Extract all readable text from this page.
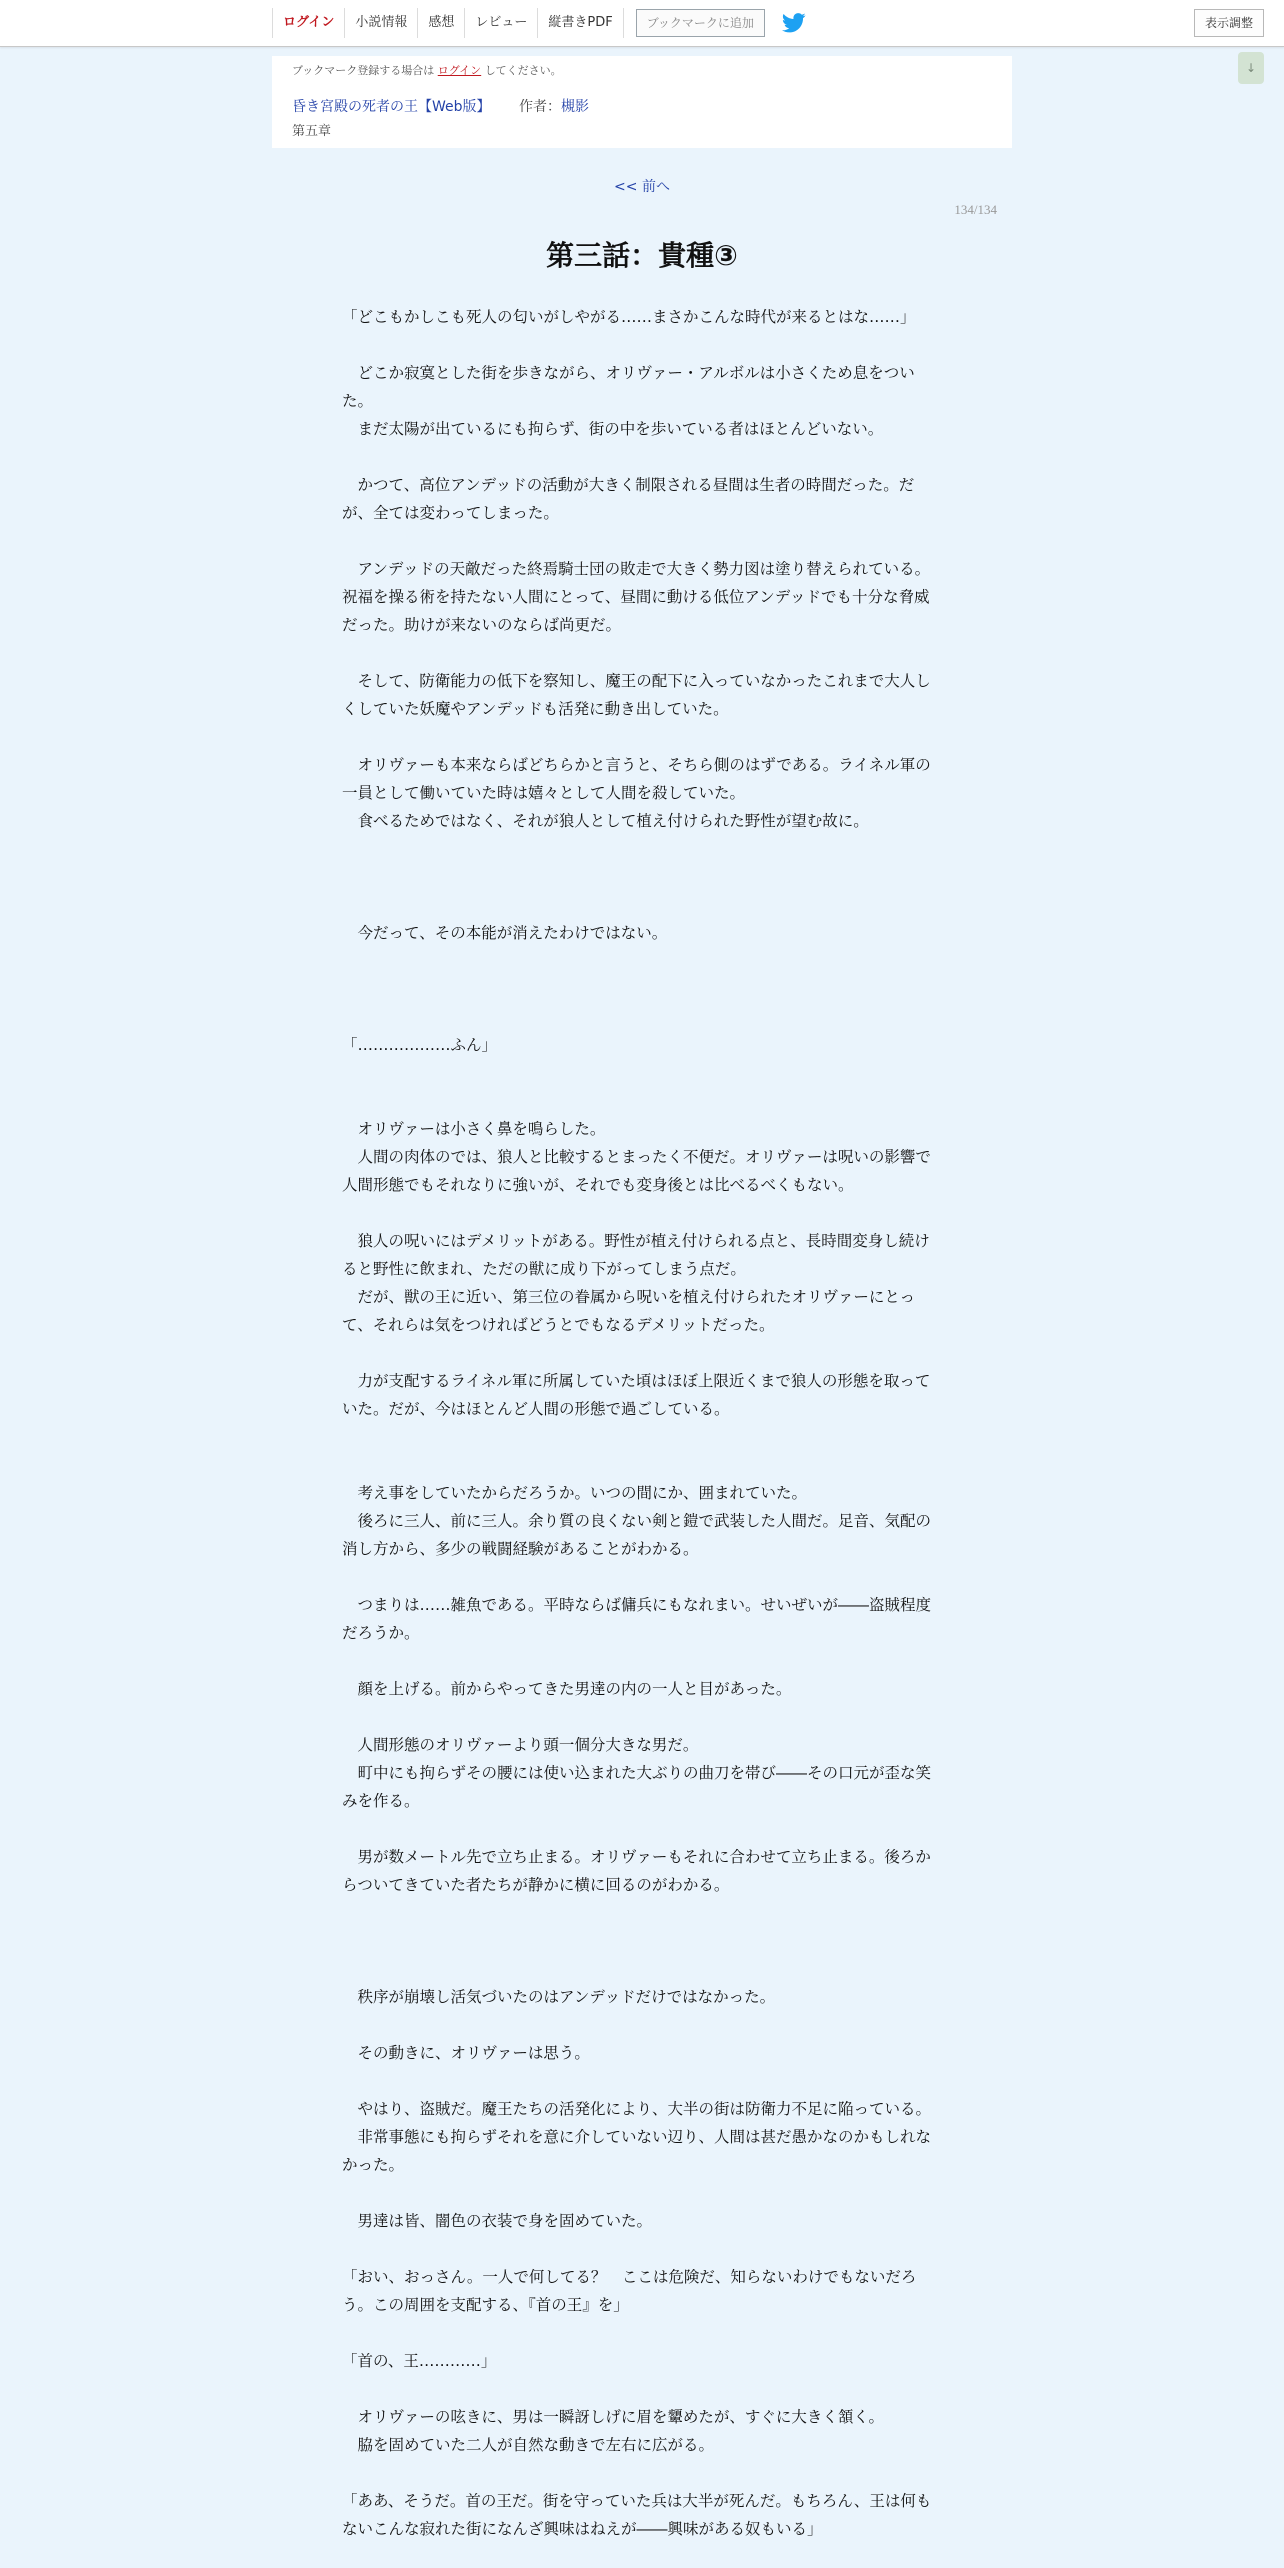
ログイン	小説情報	感想	レビュー	縦書きPDF	ブックマークに追加	表示調整
↓
ブックマーク登録する場合は ログイン してください。
昏き宮殿の死者の王【Web版】 作者：槻影
第五章
<< 前へ
134/134
第三話：貴種③
「どこもかしこも死人の匂いがしやがる……まさかこんな時代が来るとはな……」
　どこか寂寞とした街を歩きながら、オリヴァー・アルボルは小さくため息をついた。
　まだ太陽が出ているにも拘らず、街の中を歩いている者はほとんどいない。
　かつて、高位アンデッドの活動が大きく制限される昼間は生者の時間だった。だが、全ては変わってしまった。
　アンデッドの天敵だった終焉騎士団の敗走で大きく勢力図は塗り替えられている。祝福を操る術を持たない人間にとって、昼間に動ける低位アンデッドでも十分な脅威だった。助けが来ないのならば尚更だ。
　そして、防衛能力の低下を察知し、魔王の配下に入っていなかったこれまで大人しくしていた妖魔やアンデッドも活発に動き出していた。
　オリヴァーも本来ならばどちらかと言うと、そちら側のはずである。ライネル軍の一員として働いていた時は嬉々として人間を殺していた。
　食べるためではなく、それが狼人として植え付けられた野性が望む故に。
　今だって、その本能が消えたわけではない。
「………………ふん」
　オリヴァーは小さく鼻を鳴らした。
　人間の肉体のでは、狼人と比較するとまったく不便だ。オリヴァーは呪いの影響で人間形態でもそれなりに強いが、それでも変身後とは比べるべくもない。
　狼人の呪いにはデメリットがある。野性が植え付けられる点と、長時間変身し続けると野性に飲まれ、ただの獣に成り下がってしまう点だ。
　だが、獣の王に近い、第三位の眷属から呪いを植え付けられたオリヴァーにとって、それらは気をつければどうとでもなるデメリットだった。
　力が支配するライネル軍に所属していた頃はほぼ上限近くまで狼人の形態を取っていた。だが、今はほとんど人間の形態で過ごしている。
　考え事をしていたからだろうか。いつの間にか、囲まれていた。
　後ろに三人、前に三人。余り質の良くない剣と鎧で武装した人間だ。足音、気配の消し方から、多少の戦闘経験があることがわかる。
　つまりは……雑魚である。平時ならば傭兵にもなれまい。せいぜいが――盗賊程度だろうか。
　顔を上げる。前からやってきた男達の内の一人と目があった。
　人間形態のオリヴァーより頭一個分大きな男だ。
　町中にも拘らずその腰には使い込まれた大ぶりの曲刀を帯び――その口元が歪な笑みを作る。
　男が数メートル先で立ち止まる。オリヴァーもそれに合わせて立ち止まる。後ろからついてきていた者たちが静かに横に回るのがわかる。
　秩序が崩壊し活気づいたのはアンデッドだけではなかった。
　その動きに、オリヴァーは思う。
　やはり、盗賊だ。魔王たちの活発化により、大半の街は防衛力不足に陥っている。
　非常事態にも拘らずそれを意に介していない辺り、人間は甚だ愚かなのかもしれなかった。
　男達は皆、闇色の衣装で身を固めていた。
「おい、おっさん。一人で何してる？　ここは危険だ、知らないわけでもないだろう。この周囲を支配する、『首の王』を」
「首の、王…………」
　オリヴァーの呟きに、男は一瞬訝しげに眉を顰めたが、すぐに大きく頷く。
　脇を固めていた二人が自然な動きで左右に広がる。
「ああ、そうだ。首の王だ。街を守っていた兵は大半が死んだ。もちろん、王は何もないこんな寂れた街になんざ興味はねえが――興味がある奴もいる」
